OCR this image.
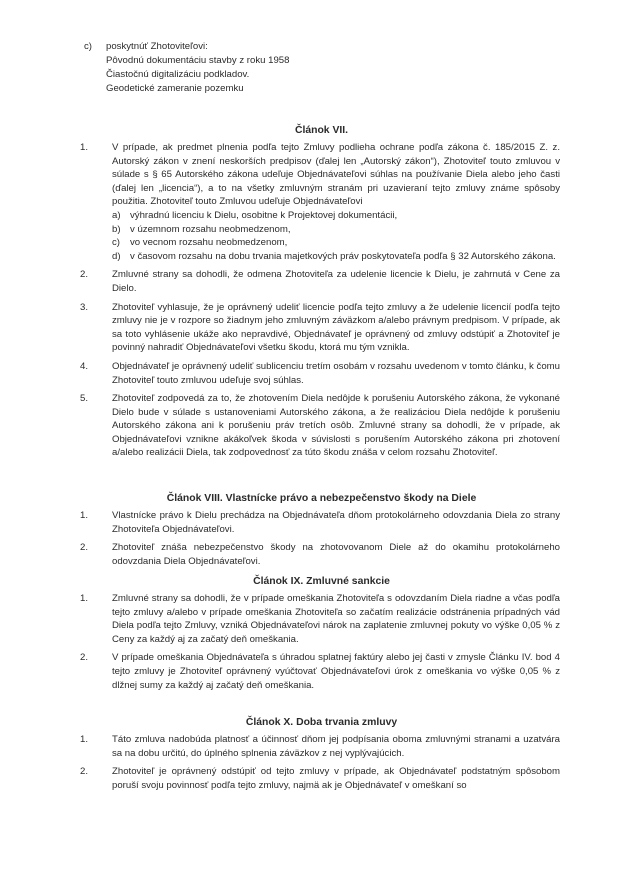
c)	poskytnúť Zhotoviteľovi:
Pôvodnú dokumentáciu stavby z roku 1958
Čiastočnú digitalizáciu podkladov.
Geodetické zameranie pozemku
Článok VII.
1.	V prípade, ak predmet plnenia podľa tejto Zmluvy podlieha ochrane podľa zákona č. 185/2015 Z. z. Autorský zákon v znení neskorších predpisov (ďalej len „Autorský zákon“), Zhotoviteľ touto zmluvou v súlade s § 65 Autorského zákona udeľuje Objednávateľovi súhlas na používanie Diela alebo jeho časti (ďalej len „licencia“), a to na všetky zmluvným stranám pri uzavieraní tejto zmluvy známe spôsoby použitia. Zhotoviteľ touto Zmluvou udeľuje Objednávateľovi
a) výhradnú licenciu k Dielu, osobitne k Projektovej dokumentácii,
b) v územnom rozsahu neobmedzenom,
c)	vo vecnom rozsahu neobmedzenom,
d) v časovom rozsahu na dobu trvania majetkových práv poskytovateľa podľa § 32 Autorského zákona.
2.	Zmluvné strany sa dohodli, že odmena Zhotoviteľa za udelenie licencie k Dielu, je zahrnutá v Cene za Dielo.
3.	Zhotoviteľ vyhlasuje, že je oprávnený udeliť licencie podľa tejto zmluvy a že udelenie licencií podľa tejto zmluvy nie je v rozpore so žiadnym jeho zmluvným záväzkom a/alebo právnym predpisom. V prípade, ak sa toto vyhlásenie ukáže ako nepravdivé, Objednávateľ je oprávnený od zmluvy odstúpiť a Zhotoviteľ je povinný nahradiť Objednávateľovi všetku škodu, ktorá mu tým vznikla.
4.	Objednávateľ je oprávnený udeliť sublicenciu tretím osobám v rozsahu uvedenom v tomto článku, k čomu Zhotoviteľ touto zmluvou udeľuje svoj súhlas.
5.	Zhotoviteľ zodpovedá za to, že zhotovením Diela nedôjde k porušeniu Autorského zákona, že vykonané Dielo bude v súlade s ustanoveniami Autorského zákona, a že realizáciou Diela nedôjde k porušeniu Autorského zákona ani k porušeniu práv tretích osôb. Zmluvné strany sa dohodli, že v prípade, ak Objednávateľovi vznikne akákoľvek škoda v súvislosti s porušením Autorského zákona pri zhotovení a/alebo realizácii Diela, tak zodpovednosť za túto škodu znáša v celom rozsahu Zhotoviteľ.
Článok VIII. Vlastnícke právo a nebezpečenstvo škody na Diele
1.	Vlastnícke právo k Dielu prechádza na Objednávateľa dňom protokolárneho odovzdania Diela zo strany Zhotoviteľa Objednávateľovi.
2.	Zhotoviteľ znáša nebezpečenstvo škody na zhotovovanom Diele až do okamihu protokolárneho odovzdania Diela Objednávateľovi.
Článok IX. Zmluvné sankcie
1.	Zmluvné strany sa dohodli, že v prípade omeškania Zhotoviteľa s odovzdaním Diela riadne a včas podľa tejto zmluvy a/alebo v prípade omeškania Zhotoviteľa so začatím realizácie odstránenia prípadných vád Diela podľa tejto Zmluvy, vzniká Objednávateľovi nárok na zaplatenie zmluvnej pokuty vo výške 0,05 % z Ceny za každý aj za začatý deň omeškania.
2.	V prípade omeškania Objednávateľa s úhradou splatnej faktúry alebo jej časti v zmysle Článku IV. bod 4 tejto zmluvy je Zhotoviteľ oprávnený vyúčtovať Objednávateľovi úrok z omeškania vo výške 0,05 % z dlžnej sumy za každý aj začatý deň omeškania.
Článok X. Doba trvania zmluvy
1.	Táto zmluva nadobúda platnosť a účinnosť dňom jej podpísania oboma zmluvnými stranami a uzatvára sa na dobu určitú, do úplného splnenia záväzkov z nej vyplývajúcich.
2.	Zhotoviteľ je oprávnený odstúpiť od tejto zmluvy v prípade, ak Objednávateľ podstatným spôsobom poruší svoju povinnosť podľa tejto zmluvy, najmä ak je Objednávateľ v omeškaní so
